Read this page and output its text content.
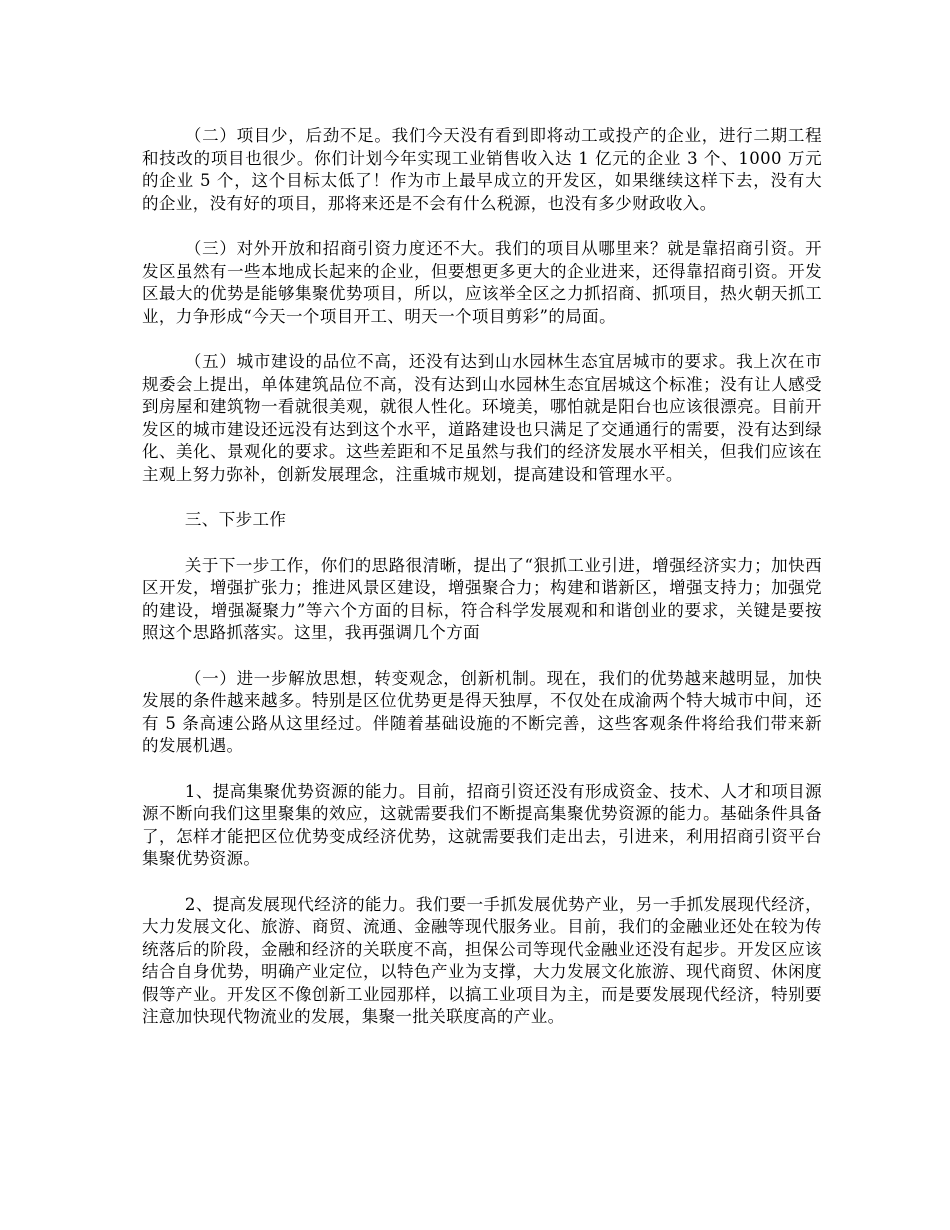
（二）项目少，后劲不足。我们今天没有看到即将动工或投产的企业，进行二期工程和技改的项目也很少。你们计划今年实现工业销售收入达 1 亿元的企业 3 个、1000 万元的企业 5 个，这个目标太低了！作为市上最早成立的开发区，如果继续这样下去，没有大的企业，没有好的项目，那将来还是不会有什么税源，也没有多少财政收入。

（三）对外开放和招商引资力度还不大。我们的项目从哪里来？就是靠招商引资。开发区虽然有一些本地成长起来的企业，但要想更多更大的企业进来，还得靠招商引资。开发区最大的优势是能够集聚优势项目，所以，应该举全区之力抓招商、抓项目，热火朝天抓工业，力争形成“今天一个项目开工、明天一个项目剪彩”的局面。

（五）城市建设的品位不高，还没有达到山水园林生态宜居城市的要求。我上次在市规委会上提出，单体建筑品位不高，没有达到山水园林生态宜居城这个标准；没有让人感受到房屋和建筑物一看就很美观，就很人性化。环境美，哪怕就是阳台也应该很漂亮。目前开发区的城市建设还远没有达到这个水平，道路建设也只满足了交通通行的需要，没有达到绿化、美化、景观化的要求。这些差距和不足虽然与我们的经济发展水平相关，但我们应该在主观上努力弥补，创新发展理念，注重城市规划，提高建设和管理水平。

三、下步工作

关于下一步工作，你们的思路很清晰，提出了“狠抓工业引进，增强经济实力；加快西区开发，增强扩张力；推进风景区建设，增强聚合力；构建和谐新区，增强支持力；加强党的建设，增强凝聚力”等六个方面的目标，符合科学发展观和和谐创业的要求，关键是要按照这个思路抓落实。这里，我再强调几个方面

（一）进一步解放思想，转变观念，创新机制。现在，我们的优势越来越明显，加快发展的条件越来越多。特别是区位优势更是得天独厚，不仅处在成渝两个特大城市中间，还有 5 条高速公路从这里经过。伴随着基础设施的不断完善，这些客观条件将给我们带来新的发展机遇。

1、提高集聚优势资源的能力。目前，招商引资还没有形成资金、技术、人才和项目源源不断向我们这里聚集的效应，这就需要我们不断提高集聚优势资源的能力。基础条件具备了，怎样才能把区位优势变成经济优势，这就需要我们走出去，引进来，利用招商引资平台集聚优势资源。

2、提高发展现代经济的能力。我们要一手抓发展优势产业，另一手抓发展现代经济，大力发展文化、旅游、商贸、流通、金融等现代服务业。目前，我们的金融业还处在较为传统落后的阶段，金融和经济的关联度不高，担保公司等现代金融业还没有起步。开发区应该结合自身优势，明确产业定位，以特色产业为支撑，大力发展文化旅游、现代商贸、休闲度假等产业。开发区不像创新工业园那样，以搞工业项目为主，而是要发展现代经济，特别要注意加快现代物流业的发展，集聚一批关联度高的产业。
